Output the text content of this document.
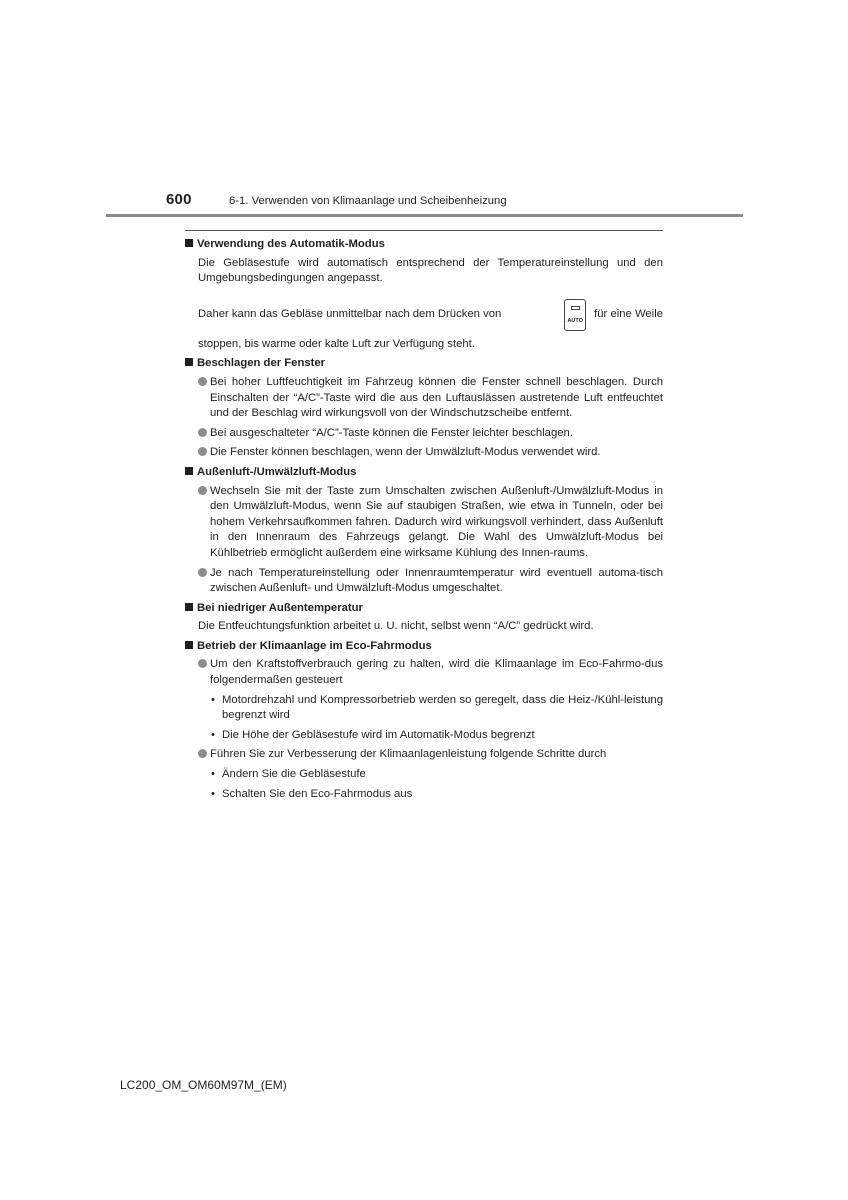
600	6-1. Verwenden von Klimaanlage und Scheibenheizung
Verwendung des Automatik-Modus
Die Gebläsestufe wird automatisch entsprechend der Temperatureinstellung und den
Umgebungsbedingungen angepasst.
Daher kann das Gebläse unmittelbar nach dem Drücken von
AUTO
für eine Weile
stoppen, bis warme oder kalte Luft zur Verfügung steht.
Beschlagen der Fenster
Bei hoher Luftfeuchtigkeit im Fahrzeug können die Fenster schnell beschlagen. Durch Einschalten der “A/C”-Taste wird die aus den Luftauslässen austretende Luft entfeuchtet und der Beschlag wird wirkungsvoll von der Windschutzscheibe entfernt.
Bei ausgeschalteter “A/C”-Taste können die Fenster leichter beschlagen.
Die Fenster können beschlagen, wenn der Umwälzluft-Modus verwendet wird.
Außenluft-/Umwälzluft-Modus
Wechseln Sie mit der Taste zum Umschalten zwischen Außenluft-/Umwälzluft-Modus in den Umwälzluft-Modus, wenn Sie auf staubigen Straßen, wie etwa in Tunneln, oder bei hohem Verkehrsaufkommen fahren. Dadurch wird wirkungsvoll verhindert, dass Außenluft in den Innenraum des Fahrzeugs gelangt. Die Wahl des Umwälzluft-Modus bei Kühlbetrieb ermöglicht außerdem eine wirksame Kühlung des Innen-raums.
Je nach Temperatureinstellung oder Innenraumtemperatur wird eventuell automa-tisch zwischen Außenluft- und Umwälzluft-Modus umgeschaltet.
Bei niedriger Außentemperatur
Die Entfeuchtungsfunktion arbeitet u. U. nicht, selbst wenn “A/C” gedrückt wird.
Betrieb der Klimaanlage im Eco-Fahrmodus
Um den Kraftstoffverbrauch gering zu halten, wird die Klimaanlage im Eco-Fahrmo-dus folgendermaßen gesteuert
• Motordrehzahl und Kompressorbetrieb werden so geregelt, dass die Heiz-/Kühl-leistung begrenzt wird
• Die Höhe der Gebläsestufe wird im Automatik-Modus begrenzt
Führen Sie zur Verbesserung der Klimaanlagenleistung folgende Schritte durch
• Ändern Sie die Gebläsestufe
• Schalten Sie den Eco-Fahrmodus aus
LC200_OM_OM60M97M_(EM)
